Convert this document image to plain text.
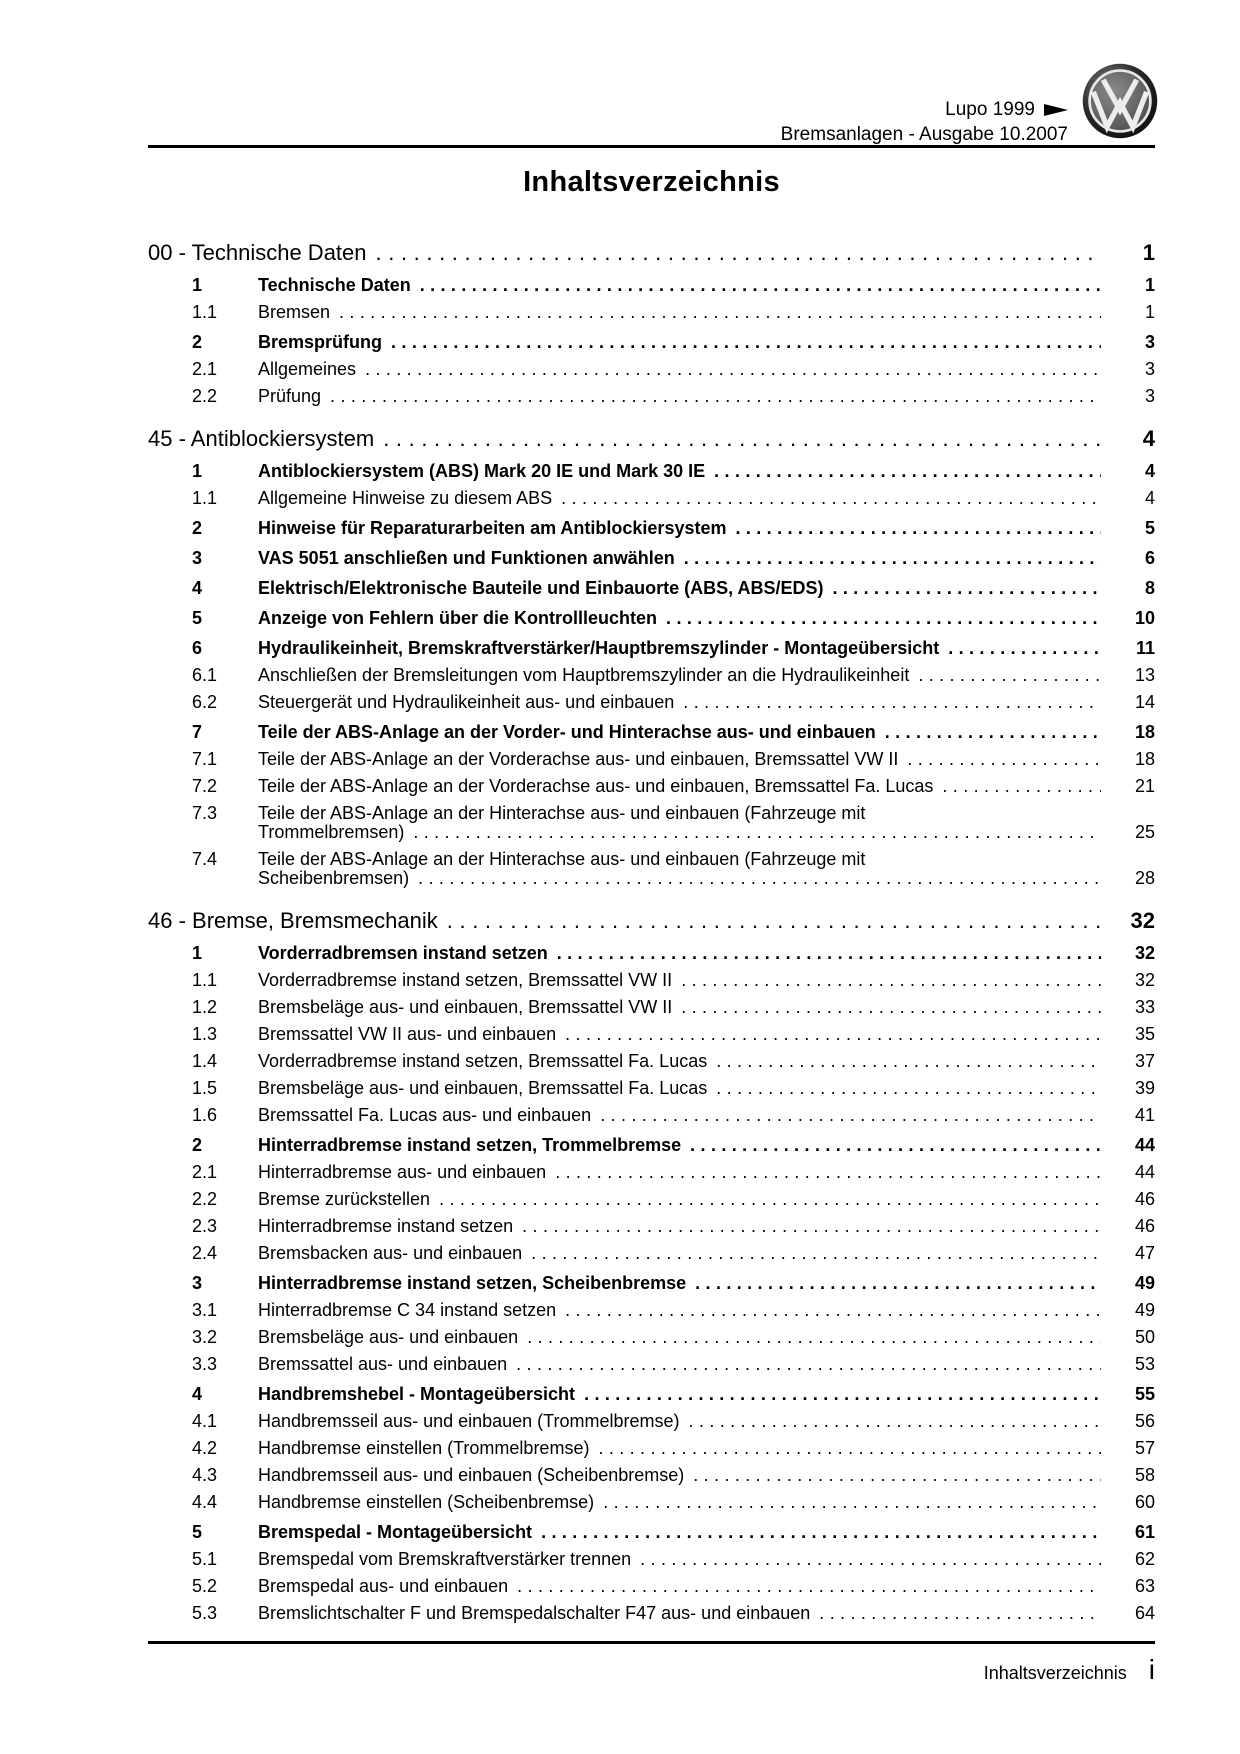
Lupo 1999
Bremsanlagen - Ausgabe 10.2007
Inhaltsverzeichnis
00 - Technische Daten .....	1
1	Technische Daten .....	1
1.1	Bremsen .....	1
2	Bremsprüfung .....	3
2.1	Allgemeines .....	3
2.2	Prüfung .....	3
45 - Antiblockiersystem .....	4
1	Antiblockiersystem (ABS) Mark 20 IE und Mark 30 IE .....	4
1.1	Allgemeine Hinweise zu diesem ABS .....	4
2	Hinweise für Reparaturarbeiten am Antiblockiersystem .....	5
3	VAS 5051 anschließen und Funktionen anwählen .....	6
4	Elektrisch/Elektronische Bauteile und Einbauorte (ABS, ABS/EDS) .....	8
5	Anzeige von Fehlern über die Kontrollleuchten .....	10
6	Hydraulikeinheit, Bremskraftverstärker/Hauptbremszylinder - Montageübersicht .....	11
6.1	Anschließen der Bremsleitungen vom Hauptbremszylinder an die Hydraulikeinheit .....	13
6.2	Steuergerät und Hydraulikeinheit aus- und einbauen .....	14
7	Teile der ABS-Anlage an der Vorder- und Hinterachse aus- und einbauen .....	18
7.1	Teile der ABS-Anlage an der Vorderachse aus- und einbauen, Bremssattel VW II .....	18
7.2	Teile der ABS-Anlage an der Vorderachse aus- und einbauen, Bremssattel Fa. Lucas .....	21
7.3	Teile der ABS-Anlage an der Hinterachse aus- und einbauen (Fahrzeuge mit
Trommelbremsen) .....	25
7.4	Teile der ABS-Anlage an der Hinterachse aus- und einbauen (Fahrzeuge mit
Scheibenbremsen) .....	28
46 - Bremse, Bremsmechanik .....	32
1	Vorderradbremsen instand setzen .....	32
1.1	Vorderradbremse instand setzen, Bremssattel VW II .....	32
1.2	Bremsbeläge aus- und einbauen, Bremssattel VW II .....	33
1.3	Bremssattel VW II aus- und einbauen .....	35
1.4	Vorderradbremse instand setzen, Bremssattel Fa. Lucas .....	37
1.5	Bremsbeläge aus- und einbauen, Bremssattel Fa. Lucas .....	39
1.6	Bremssattel Fa. Lucas aus- und einbauen .....	41
2	Hinterradbremse instand setzen, Trommelbremse .....	44
2.1	Hinterradbremse aus- und einbauen .....	44
2.2	Bremse zurückstellen .....	46
2.3	Hinterradbremse instand setzen .....	46
2.4	Bremsbacken aus- und einbauen .....	47
3	Hinterradbremse instand setzen, Scheibenbremse .....	49
3.1	Hinterradbremse C 34 instand setzen .....	49
3.2	Bremsbeläge aus- und einbauen .....	50
3.3	Bremssattel aus- und einbauen .....	53
4	Handbremshebel - Montageübersicht .....	55
4.1	Handbremsseil aus- und einbauen (Trommelbremse) .....	56
4.2	Handbremse einstellen (Trommelbremse) .....	57
4.3	Handbremsseil aus- und einbauen (Scheibenbremse) .....	58
4.4	Handbremse einstellen (Scheibenbremse) .....	60
5	Bremspedal - Montageübersicht .....	61
5.1	Bremspedal vom Bremskraftverstärker trennen .....	62
5.2	Bremspedal aus- und einbauen .....	63
5.3	Bremslichtschalter F und Bremspedalschalter F47 aus- und einbauen .....	64
Inhaltsverzeichnis i
